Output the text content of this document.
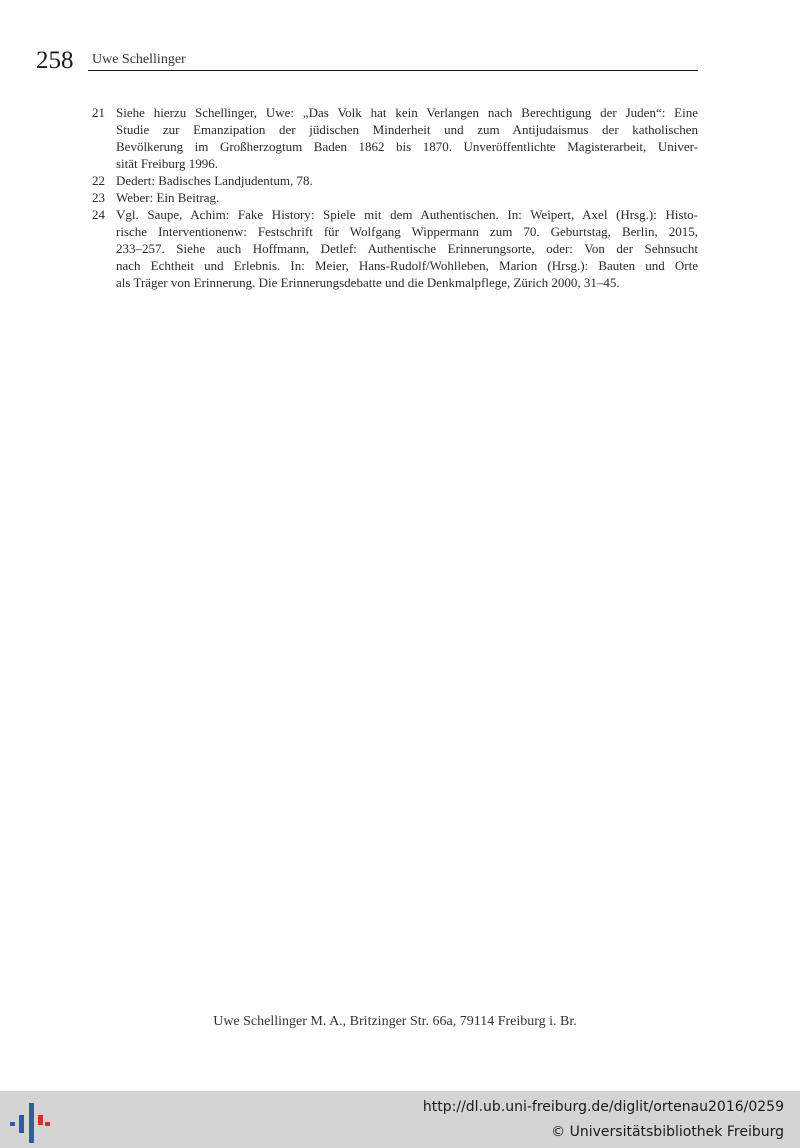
258 Uwe Schellinger
21 Siehe hierzu Schellinger, Uwe: „Das Volk hat kein Verlangen nach Berechtigung der Juden“: Eine
Studie zur Emanzipation der jüdischen Minderheit und zum Antijudaismus der katholischen
Bevölkerung im Großherzogtum Baden 1862 bis 1870. Unveröffentlichte Magisterarbeit, Univer-
sität Freiburg 1996.
22 Dedert: Badisches Landjudentum, 78.
23 Weber: Ein Beitrag.
24 Vgl. Saupe, Achim: Fake History: Spiele mit dem Authentischen. In: Weipert, Axel (Hrsg.): Histo-
rische Interventionenw: Festschrift für Wolfgang Wippermann zum 70. Geburtstag, Berlin, 2015,
233–257. Siehe auch Hoffmann, Detlef: Authentische Erinnerungsorte, oder: Von der Sehnsucht
nach Echtheit und Erlebnis. In: Meier, Hans-Rudolf/Wohlleben, Marion (Hrsg.): Bauten und Orte
als Träger von Erinnerung. Die Erinnerungsdebatte und die Denkmalpflege, Zürich 2000, 31–45.
Uwe Schellinger M. A., Britzinger Str. 66a, 79114 Freiburg i. Br.
http://dl.ub.uni-freiburg.de/diglit/ortenau2016/0259
© Universitätsbibliothek Freiburg
